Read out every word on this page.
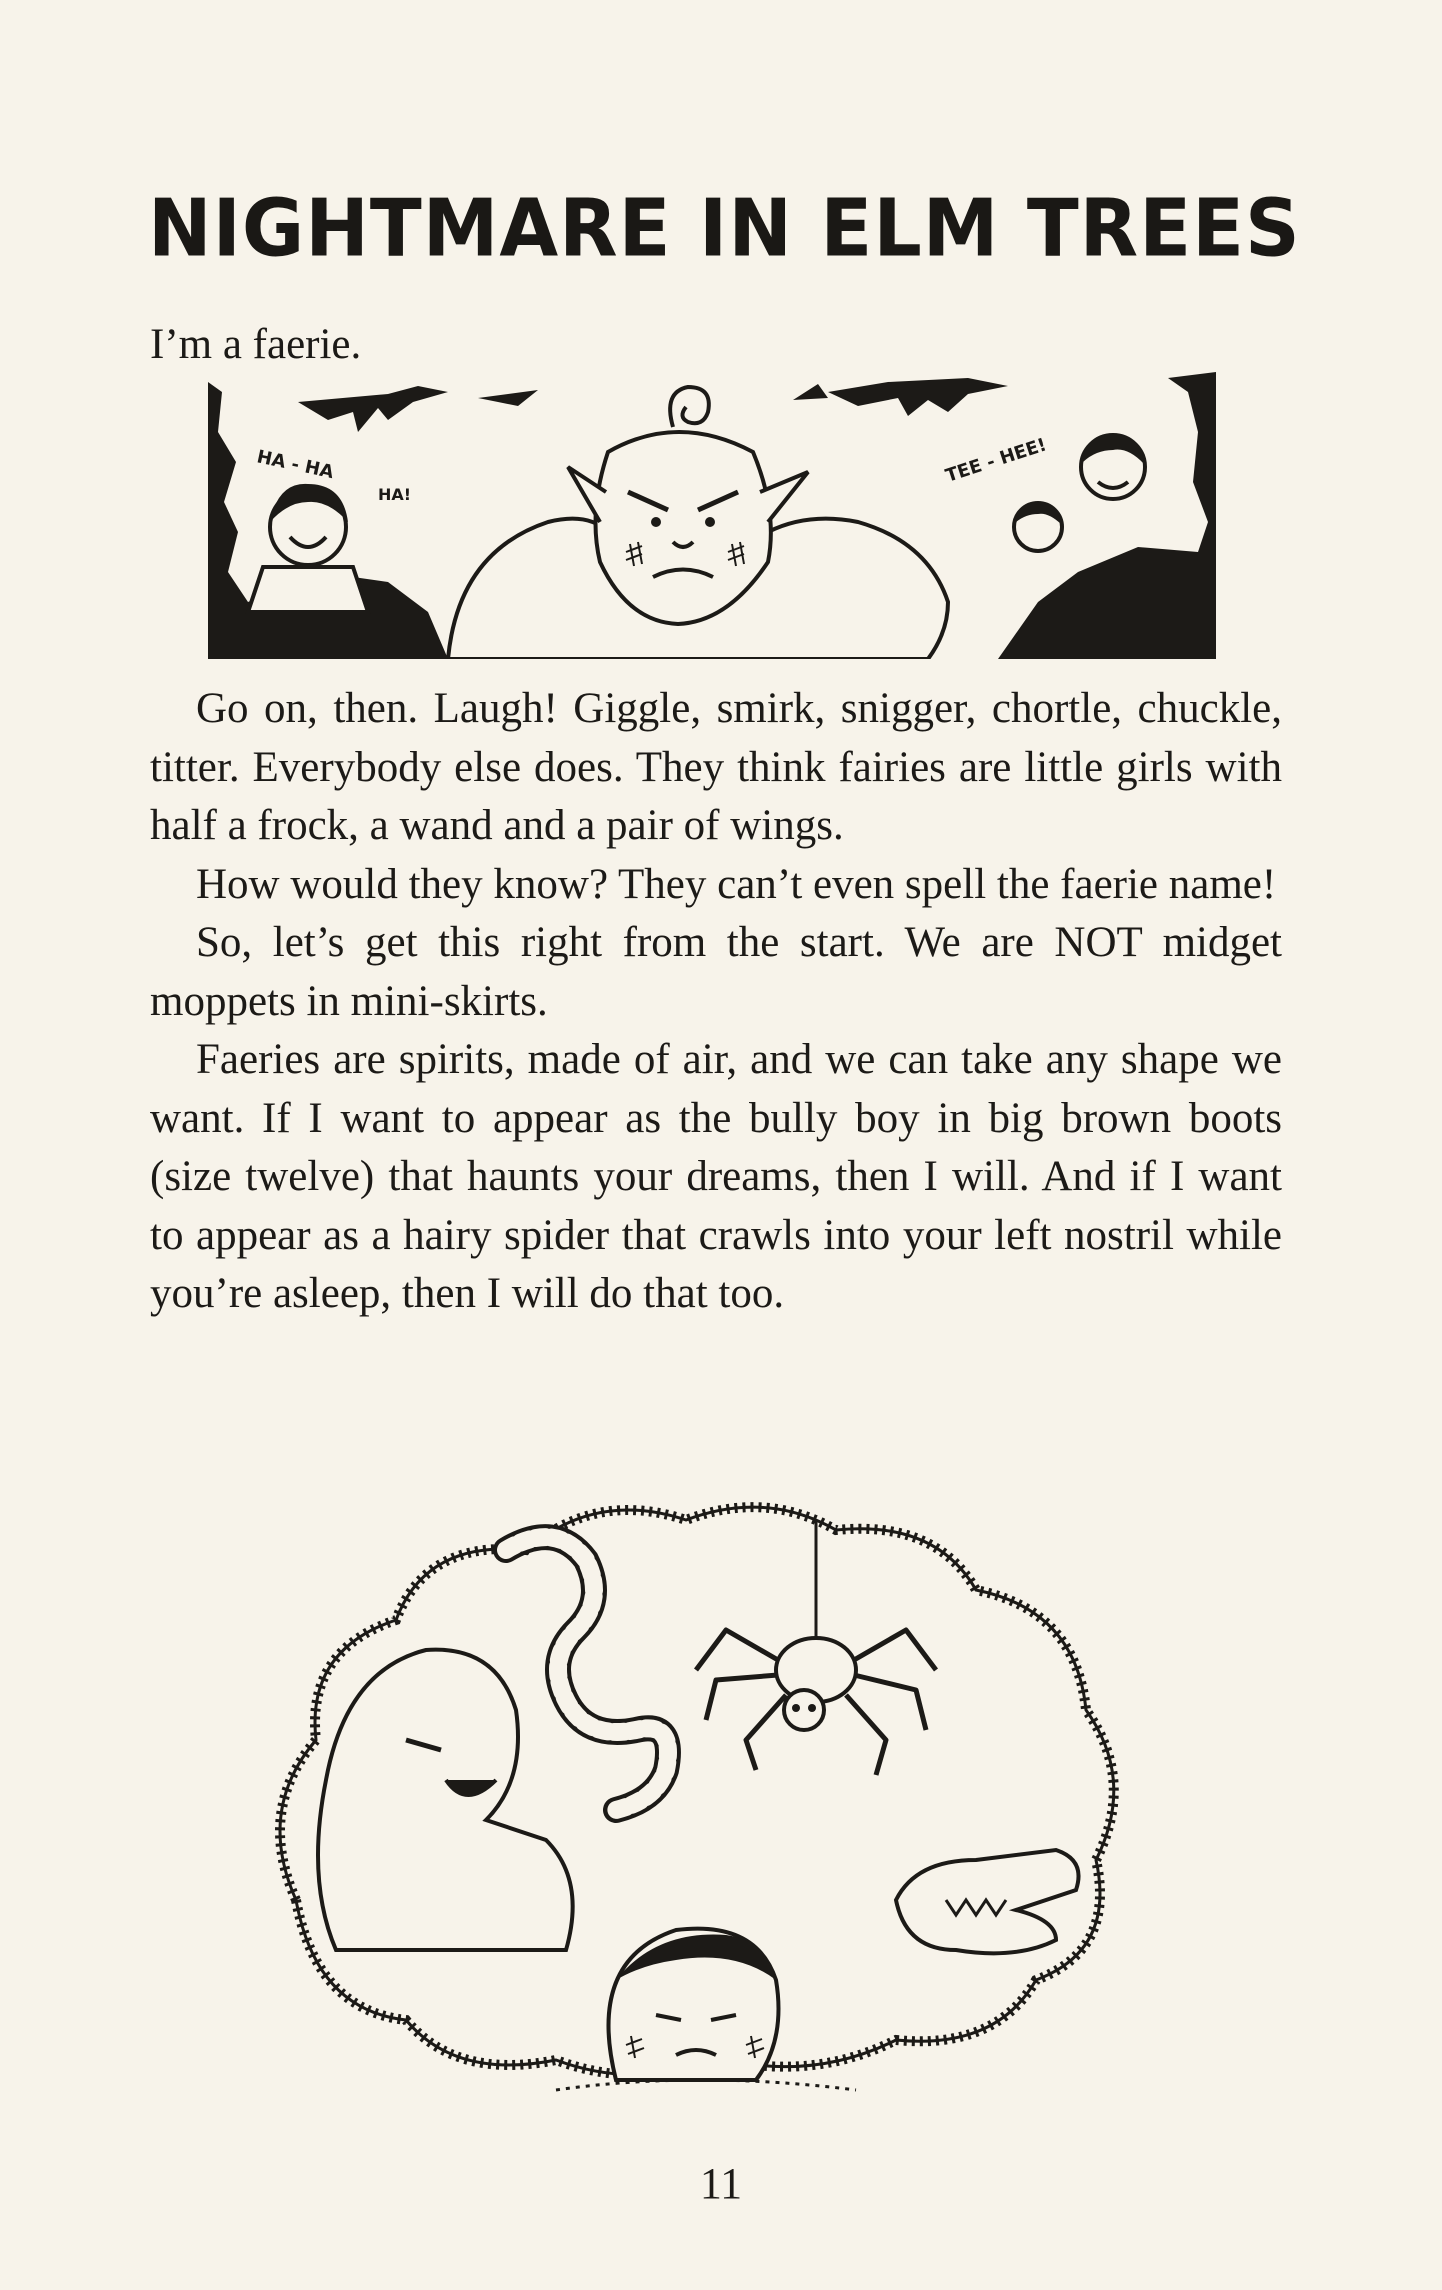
NIGHTMARE IN ELM TREES

I’m a faerie.

HA - HA
HA!
TEE - HEE!

Go on, then. Laugh! Giggle, smirk, snigger, chortle, chuckle, titter. Everybody else does. They think fairies are little girls with half a frock, a wand and a pair of wings.

How would they know? They can’t even spell the faerie name!

So, let’s get this right from the start. We are NOT midget moppets in mini-skirts.

Faeries are spirits, made of air, and we can take any shape we want. If I want to appear as the bully boy in big brown boots (size twelve) that haunts your dreams, then I will. And if I want to appear as a hairy spider that crawls into your left nostril while you’re asleep, then I will do that too.

11
